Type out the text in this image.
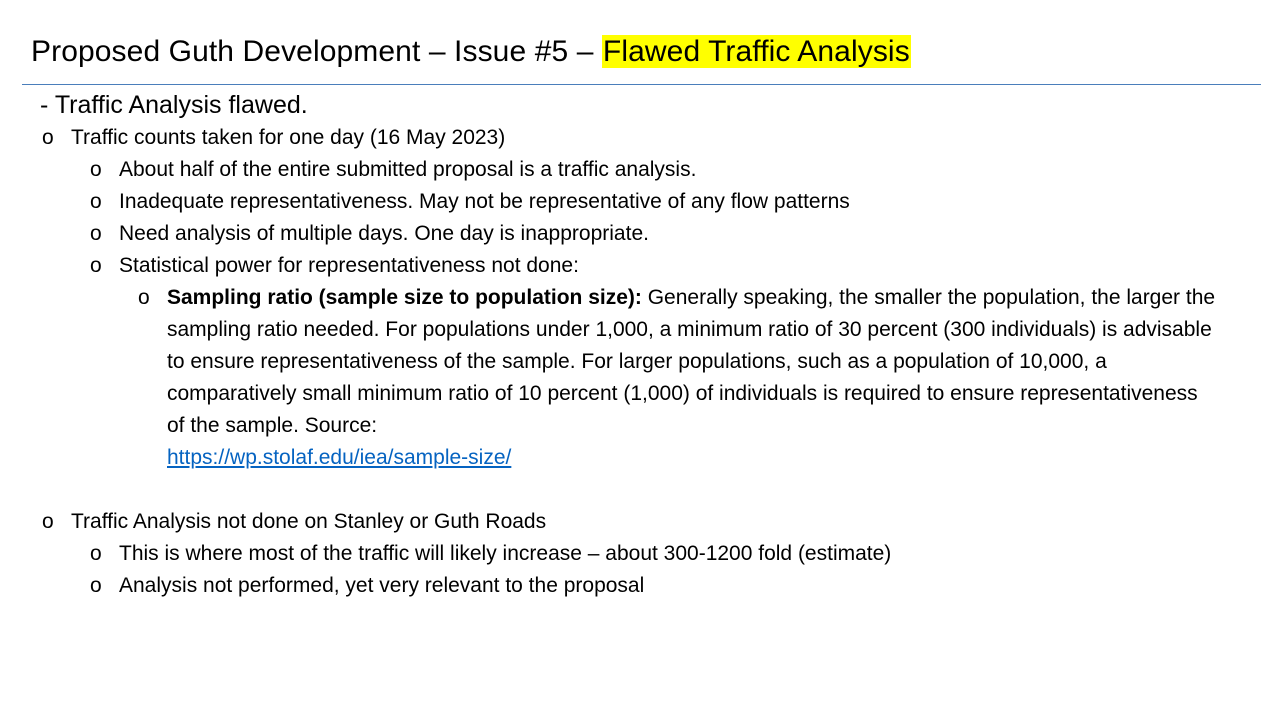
Proposed Guth Development – Issue #5 – Flawed Traffic Analysis
- Traffic Analysis flawed.
o Traffic counts taken for one day (16 May 2023)
o About half of the entire submitted proposal is a traffic analysis.
o Inadequate representativeness. May not be representative of any flow patterns
o Need analysis of multiple days. One day is inappropriate.
o Statistical power for representativeness not done:
o Sampling ratio (sample size to population size): Generally speaking, the smaller the population, the larger the sampling ratio needed. For populations under 1,000, a minimum ratio of 30 percent (300 individuals) is advisable to ensure representativeness of the sample. For larger populations, such as a population of 10,000, a comparatively small minimum ratio of 10 percent (1,000) of individuals is required to ensure representativeness of the sample. Source:
https://wp.stolaf.edu/iea/sample-size/
o Traffic Analysis not done on Stanley or Guth Roads
o This is where most of the traffic will likely increase – about 300-1200 fold (estimate)
o Analysis not performed, yet very relevant to the proposal
